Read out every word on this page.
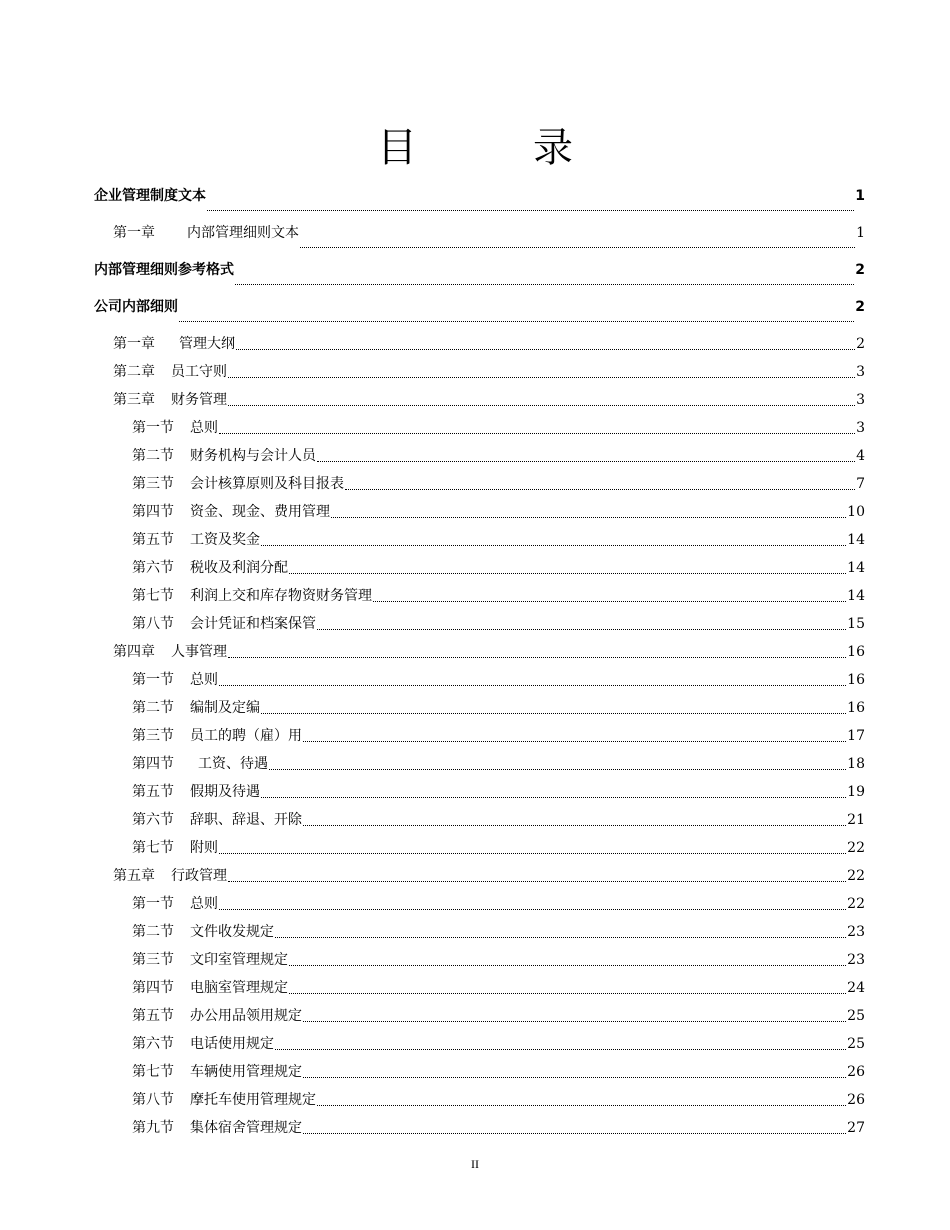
目　录
企业管理制度文本	1
第一章 内部管理细则文本	1
内部管理细则参考格式	2
公司内部细则	2
第一章 管理大纲	2
第二章 员工守则	3
第三章 财务管理	3
第一节 总则	3
第二节 财务机构与会计人员	4
第三节 会计核算原则及科目报表	7
第四节 资金、现金、费用管理	10
第五节 工资及奖金	14
第六节 税收及利润分配	14
第七节 利润上交和库存物资财务管理	14
第八节 会计凭证和档案保管	15
第四章 人事管理	16
第一节 总则	16
第二节 编制及定编	16
第三节 员工的聘（雇）用	17
第四节 工资、待遇	18
第五节 假期及待遇	19
第六节 辞职、辞退、开除	21
第七节 附则	22
第五章 行政管理	22
第一节 总则	22
第二节 文件收发规定	23
第三节 文印室管理规定	23
第四节 电脑室管理规定	24
第五节 办公用品领用规定	25
第六节 电话使用规定	25
第七节 车辆使用管理规定	26
第八节 摩托车使用管理规定	26
第九节 集体宿舍管理规定	27
II
